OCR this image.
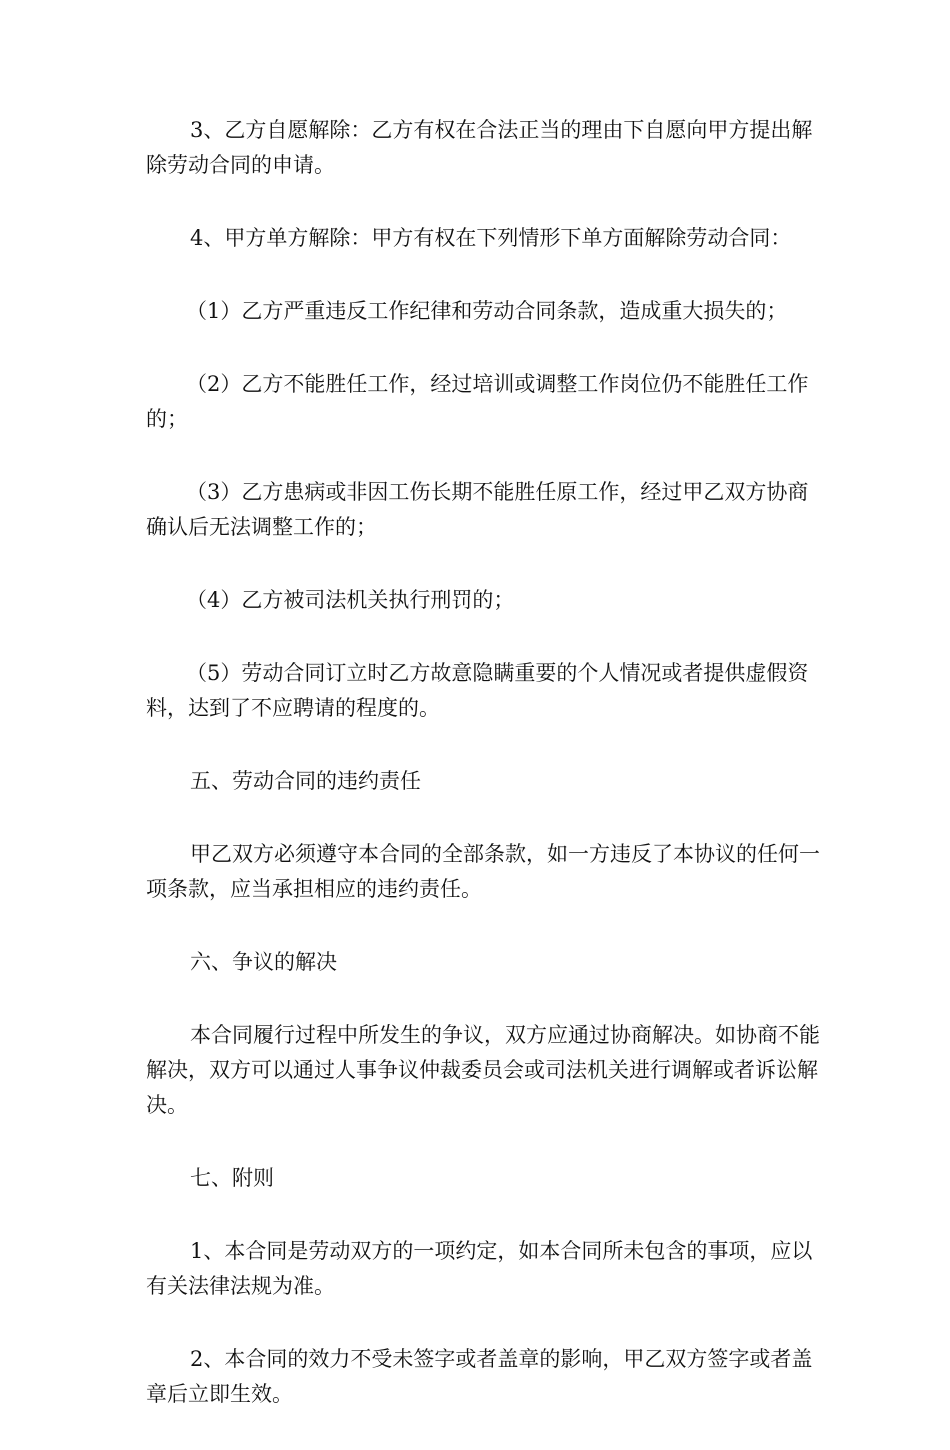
3、乙方自愿解除：乙方有权在合法正当的理由下自愿向甲方提出解除劳动合同的申请。

4、甲方单方解除：甲方有权在下列情形下单方面解除劳动合同：

（1）乙方严重违反工作纪律和劳动合同条款，造成重大损失的；

（2）乙方不能胜任工作，经过培训或调整工作岗位仍不能胜任工作的；

（3）乙方患病或非因工伤长期不能胜任原工作，经过甲乙双方协商确认后无法调整工作的；

（4）乙方被司法机关执行刑罚的；

（5）劳动合同订立时乙方故意隐瞒重要的个人情况或者提供虚假资料，达到了不应聘请的程度的。

五、劳动合同的违约责任

甲乙双方必须遵守本合同的全部条款，如一方违反了本协议的任何一项条款，应当承担相应的违约责任。

六、争议的解决

本合同履行过程中所发生的争议，双方应通过协商解决。如协商不能解决，双方可以通过人事争议仲裁委员会或司法机关进行调解或者诉讼解决。

七、附则

1、本合同是劳动双方的一项约定，如本合同所未包含的事项，应以有关法律法规为准。

2、本合同的效力不受未签字或者盖章的影响，甲乙双方签字或者盖章后立即生效。
